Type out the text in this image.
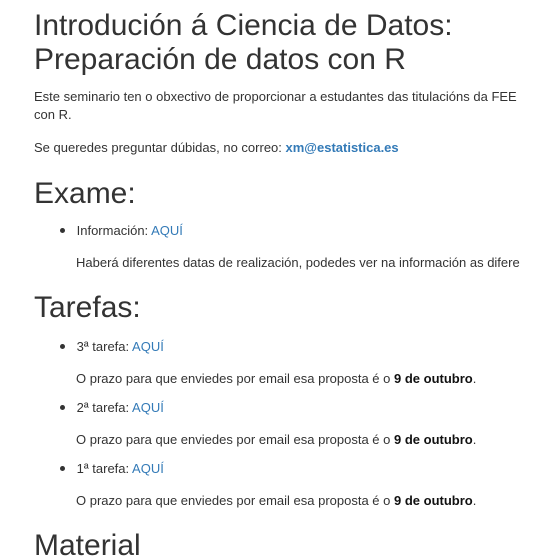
Introdución á Ciencia de Datos: Preparación de datos con R

Este seminario ten o obxectivo de proporcionar a estudantes das titulacións da FEE

con R.

Se queredes preguntar dúbidas, no correo: xm@estatistica.es

Exame:
Información: AQUÍ
Haberá diferentes datas de realización, podedes ver na información as difere
Tarefas:
3ª tarefa: AQUÍ
O prazo para que enviedes por email esa proposta é o 9 de outubro.
2ª tarefa: AQUÍ
O prazo para que enviedes por email esa proposta é o 9 de outubro.
1ª tarefa: AQUÍ
O prazo para que enviedes por email esa proposta é o 9 de outubro.
Material
